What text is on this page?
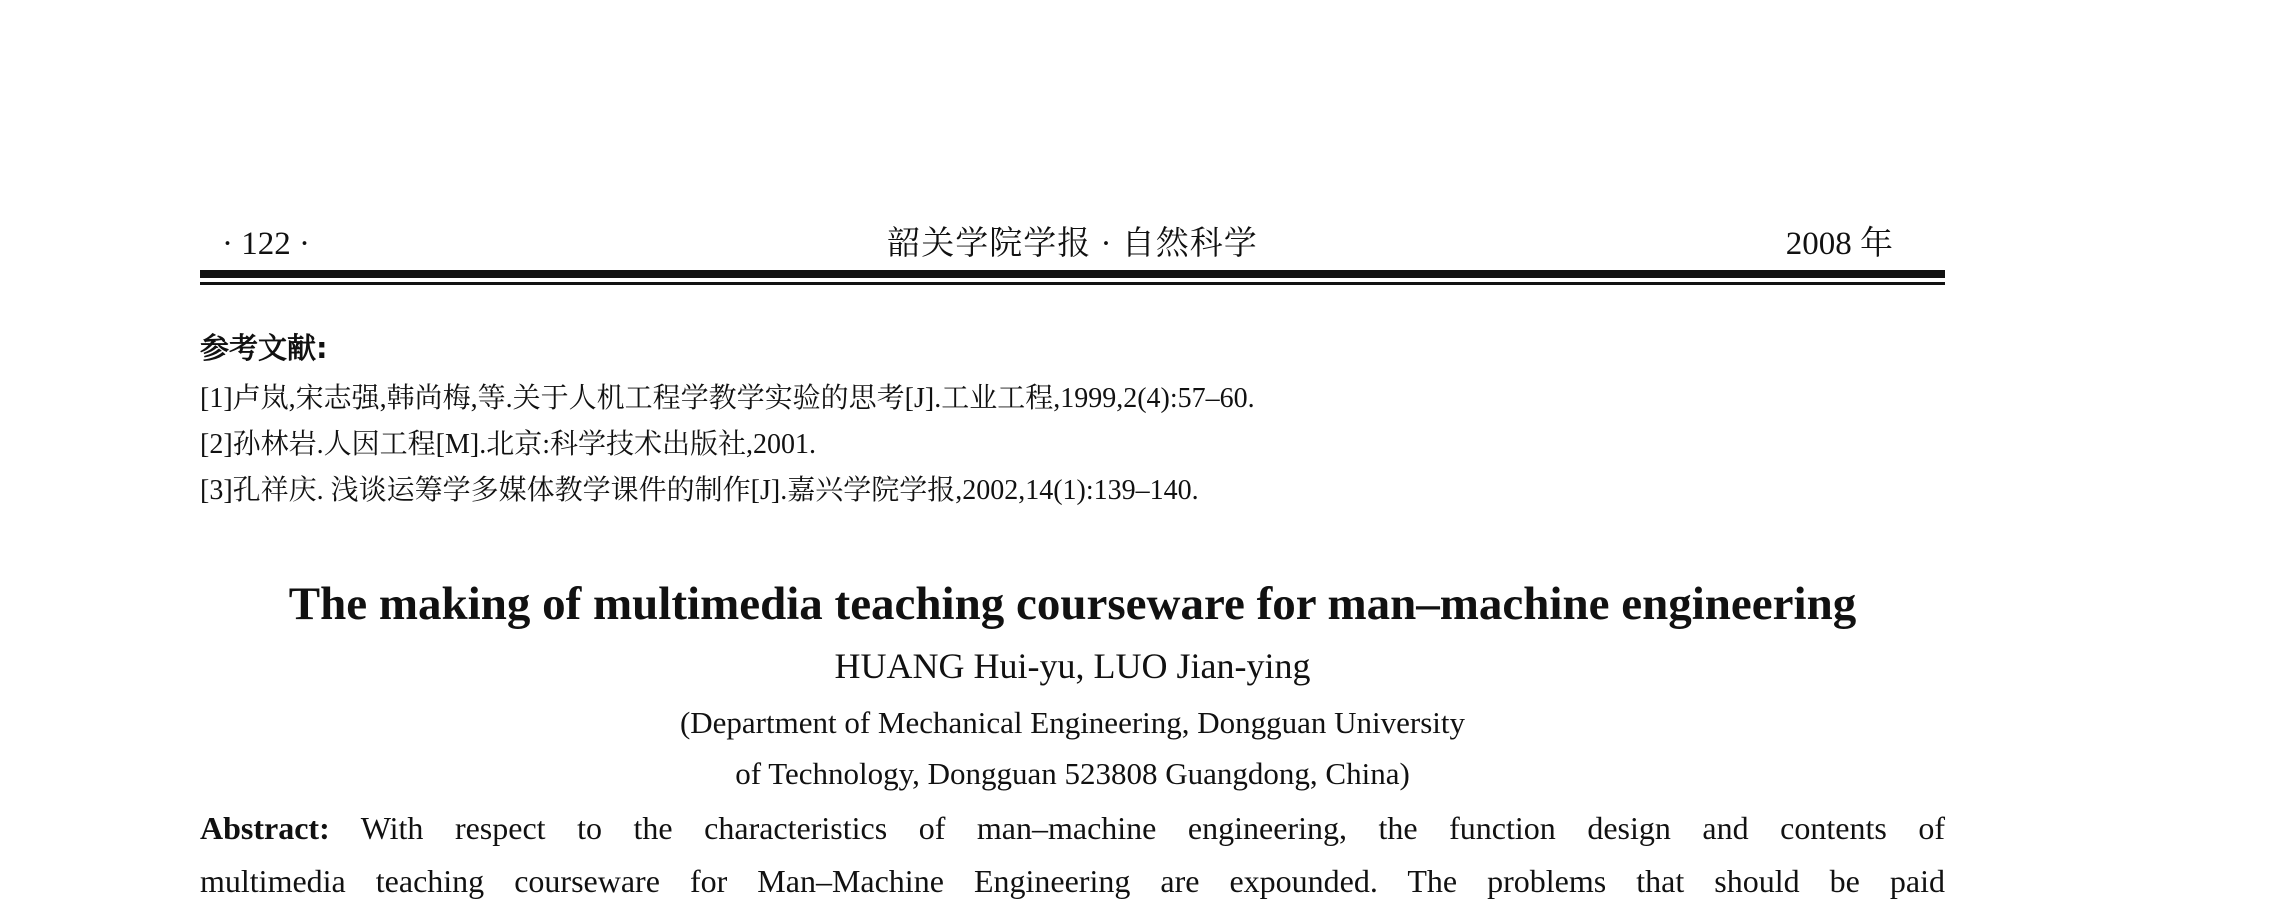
· 122 ·	韶关学院学报 · 自然科学	2008 年
参考文献:
[1]卢岚,宋志强,韩尚梅,等.关于人机工程学教学实验的思考[J].工业工程,1999,2(4):57–60.
[2]孙林岩.人因工程[M].北京:科学技术出版社,2001.
[3]孔祥庆. 浅谈运筹学多媒体教学课件的制作[J].嘉兴学院学报,2002,14(1):139–140.
The making of multimedia teaching courseware for man–machine engineering
HUANG Hui-yu, LUO Jian-ying
(Department of Mechanical Engineering, Dongguan University
of Technology, Dongguan 523808 Guangdong, China)
Abstract: With respect to the characteristics of man–machine engineering, the function design and contents of
multimedia teaching courseware for Man–Machine Engineering are expounded. The problems that should be paid
